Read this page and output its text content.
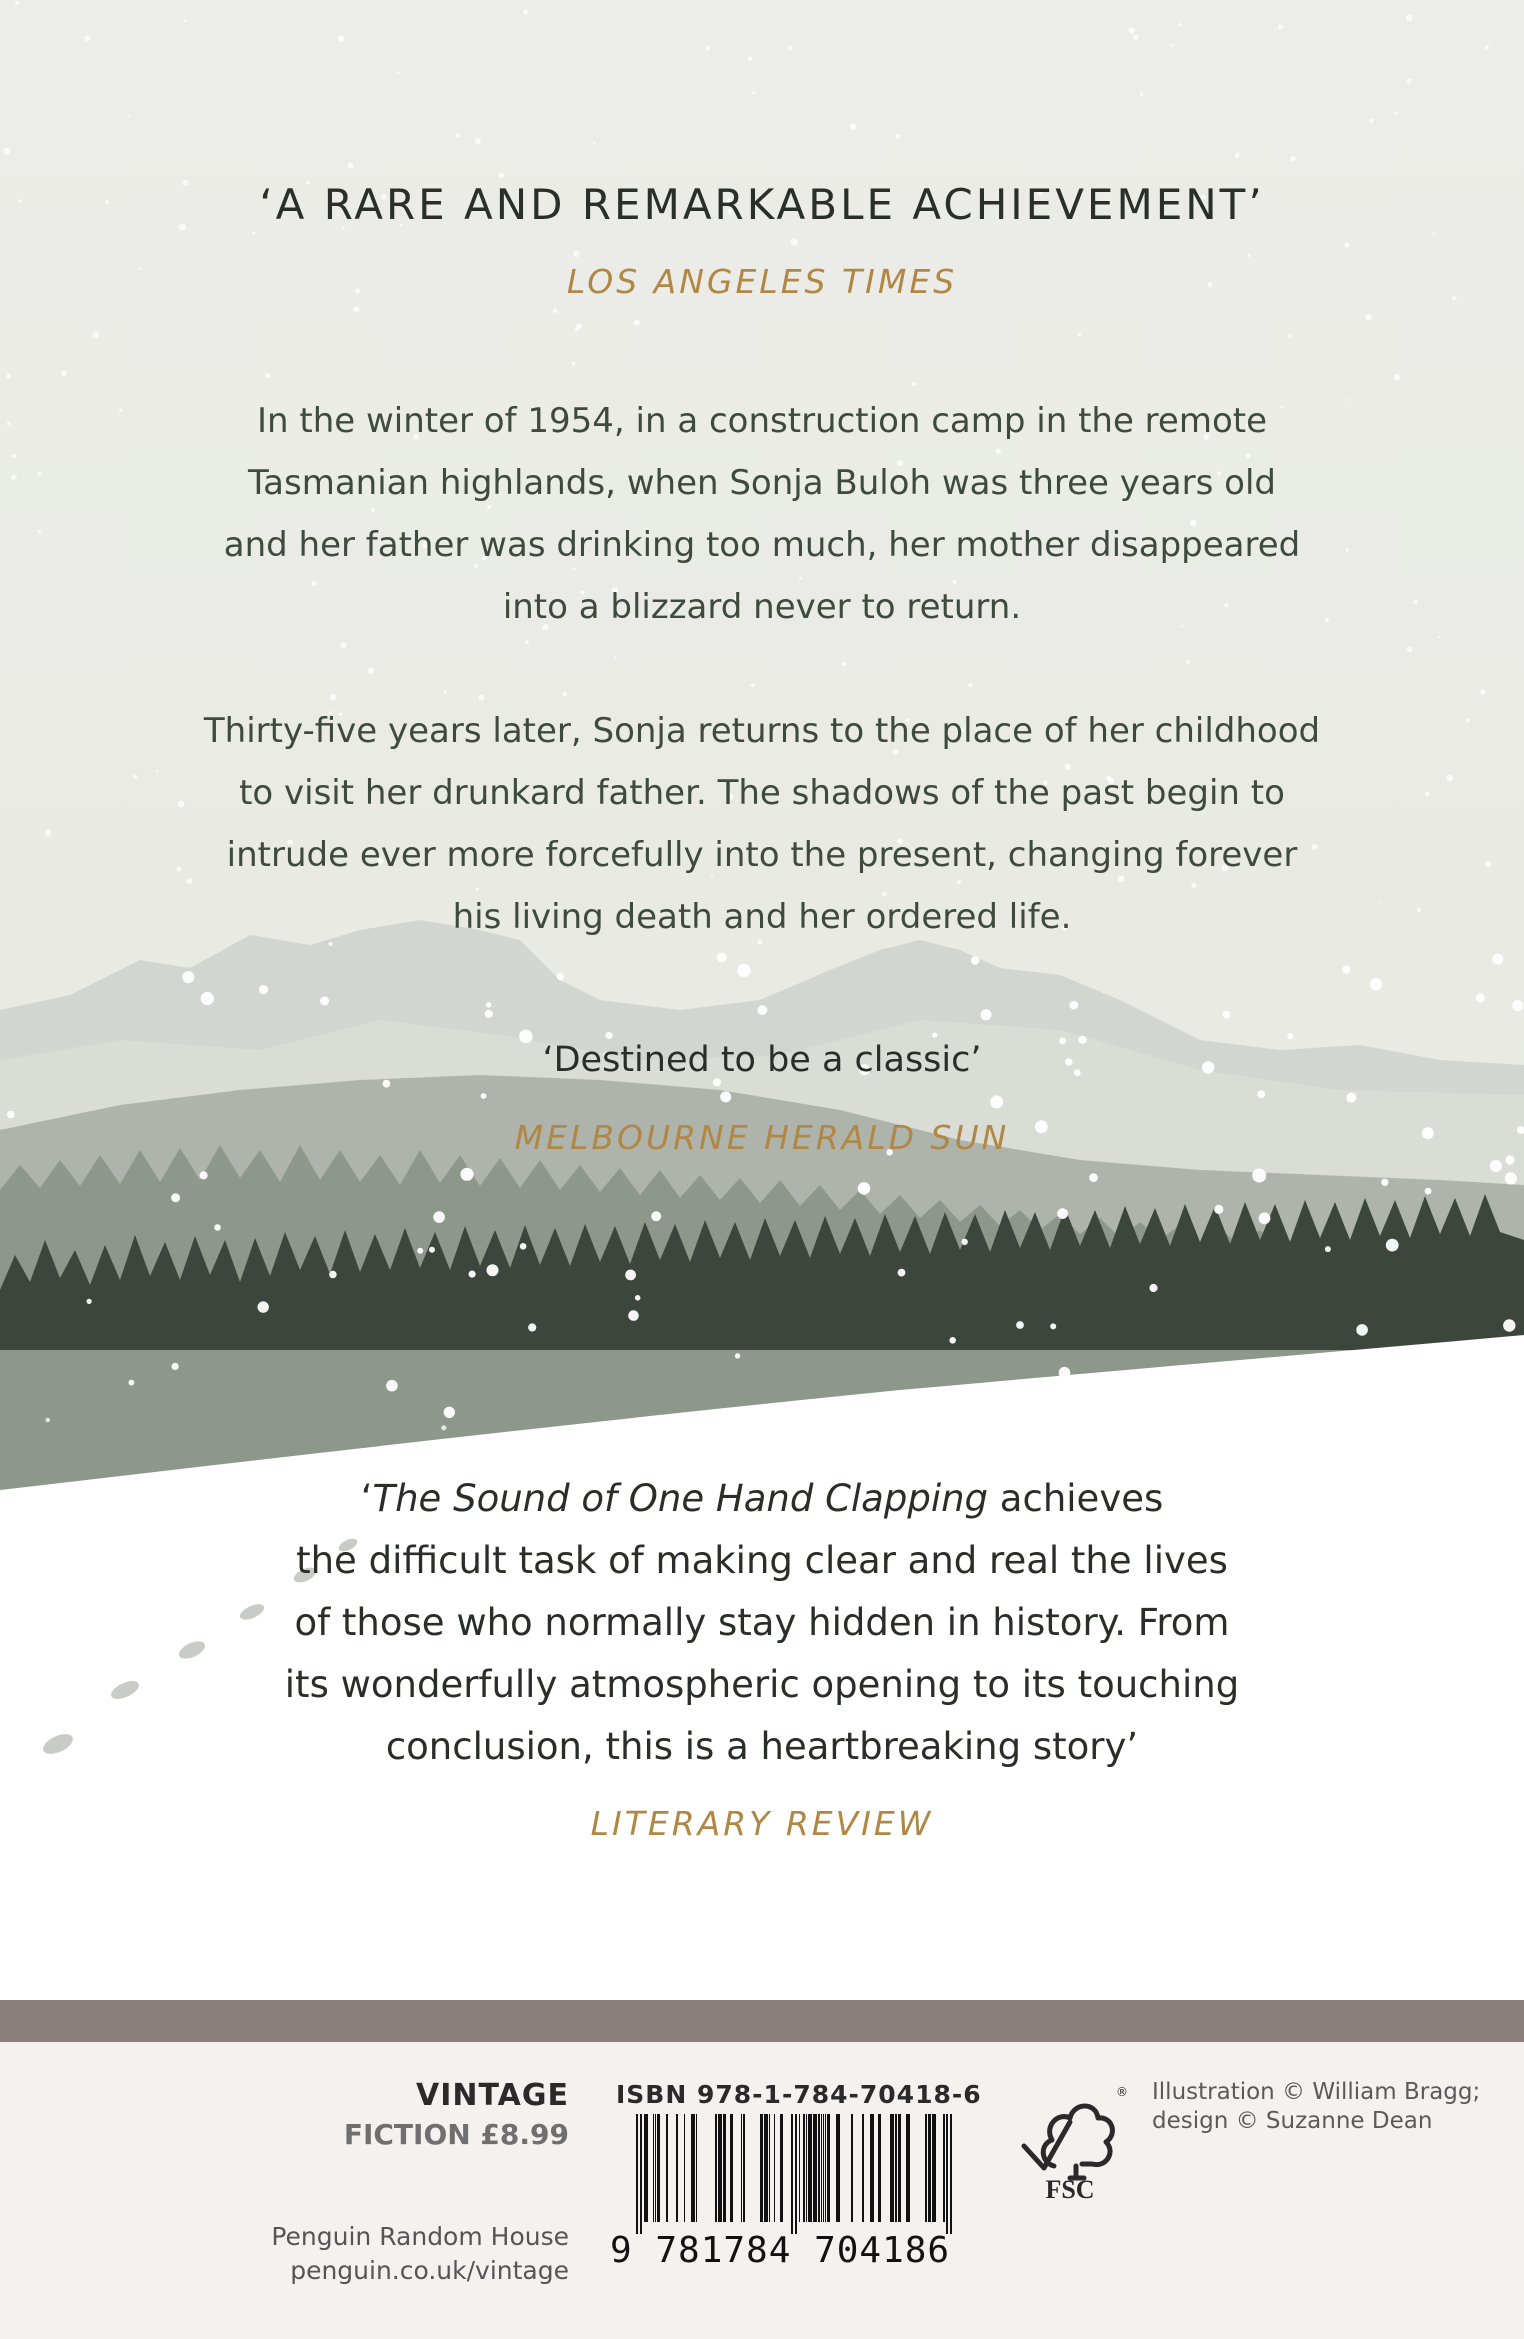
‘A RARE AND REMARKABLE ACHIEVEMENT’

LOS ANGELES TIMES

In the winter of 1954, in a construction camp in the remote
Tasmanian highlands, when Sonja Buloh was three years old
and her father was drinking too much, her mother disappeared
into a blizzard never to return.
Thirty-five years later, Sonja returns to the place of her childhood
to visit her drunkard father. The shadows of the past begin to
intrude ever more forcefully into the present, changing forever
his living death and her ordered life.

‘Destined to be a classic’

MELBOURNE HERALD SUN

‘The Sound of One Hand Clapping achieves
the difficult task of making clear and real the lives
of those who normally stay hidden in history. From
its wonderfully atmospheric opening to its touching
conclusion, this is a heartbreaking story’

LITERARY REVIEW

VINTAGE

FICTION £8.99

Penguin Random House

penguin.co.uk/vintage

ISBN 978-1-784-70418-6

9 781784 704186

FSC
® Illustration © William Bragg; design © Suzanne Dean
